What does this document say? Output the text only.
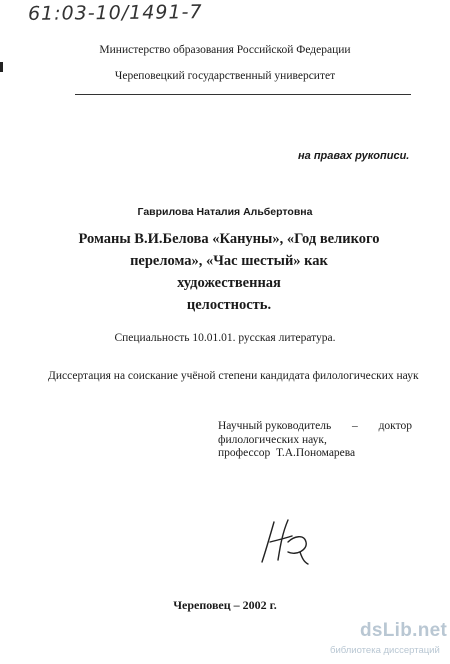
61:03-10/1491-7
Министерство образования Российской Федерации
Череповецкий государственный университет
на правах рукописи.
Гаврилова Наталия Альбертовна
Романы В.И.Белова «Кануны», «Год великого
перелома», «Час шестый» как художественная
целостность.
Специальность 10.01.01. русская литература.
Диссертация на соискание учёной степени кандидата филологических наук
Научный руководитель – доктор
филологических наук,
профессор  Т.А.Пономарева
Череповец – 2002 г.
dsLib.net
библиотека диссертаций
